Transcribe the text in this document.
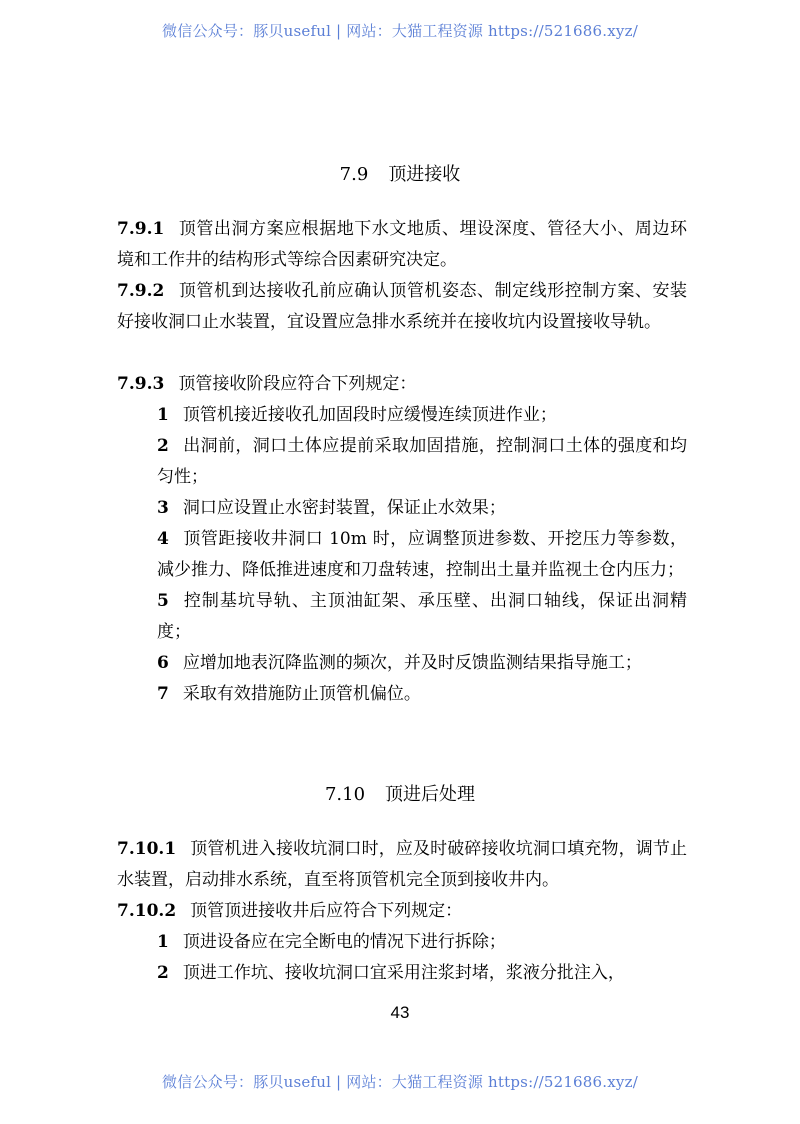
微信公众号：豚贝useful | 网站：大猫工程资源 https://521686.xyz/
7.9 顶进接收
7.9.1 顶管出洞方案应根据地下水文地质、埋设深度、管径大小、周边环境和工作井的结构形式等综合因素研究决定。
7.9.2 顶管机到达接收孔前应确认顶管机姿态、制定线形控制方案、安装好接收洞口止水装置，宜设置应急排水系统并在接收坑内设置接收导轨。
7.9.3 顶管接收阶段应符合下列规定：
1 顶管机接近接收孔加固段时应缓慢连续顶进作业；
2 出洞前，洞口土体应提前采取加固措施，控制洞口土体的强度和均匀性；
3 洞口应设置止水密封装置，保证止水效果；
4 顶管距接收井洞口 10m 时，应调整顶进参数、开挖压力等参数，减少推力、降低推进速度和刀盘转速，控制出土量并监视土仓内压力；
5 控制基坑导轨、主顶油缸架、承压壁、出洞口轴线，保证出洞精度；
6 应增加地表沉降监测的频次，并及时反馈监测结果指导施工；
7 采取有效措施防止顶管机偏位。
7.10 顶进后处理
7.10.1 顶管机进入接收坑洞口时，应及时破碎接收坑洞口填充物，调节止水装置，启动排水系统，直至将顶管机完全顶到接收井内。
7.10.2 顶管顶进接收井后应符合下列规定：
1 顶进设备应在完全断电的情况下进行拆除；
2 顶进工作坑、接收坑洞口宜采用注浆封堵，浆液分批注入，
43
微信公众号：豚贝useful | 网站：大猫工程资源 https://521686.xyz/
